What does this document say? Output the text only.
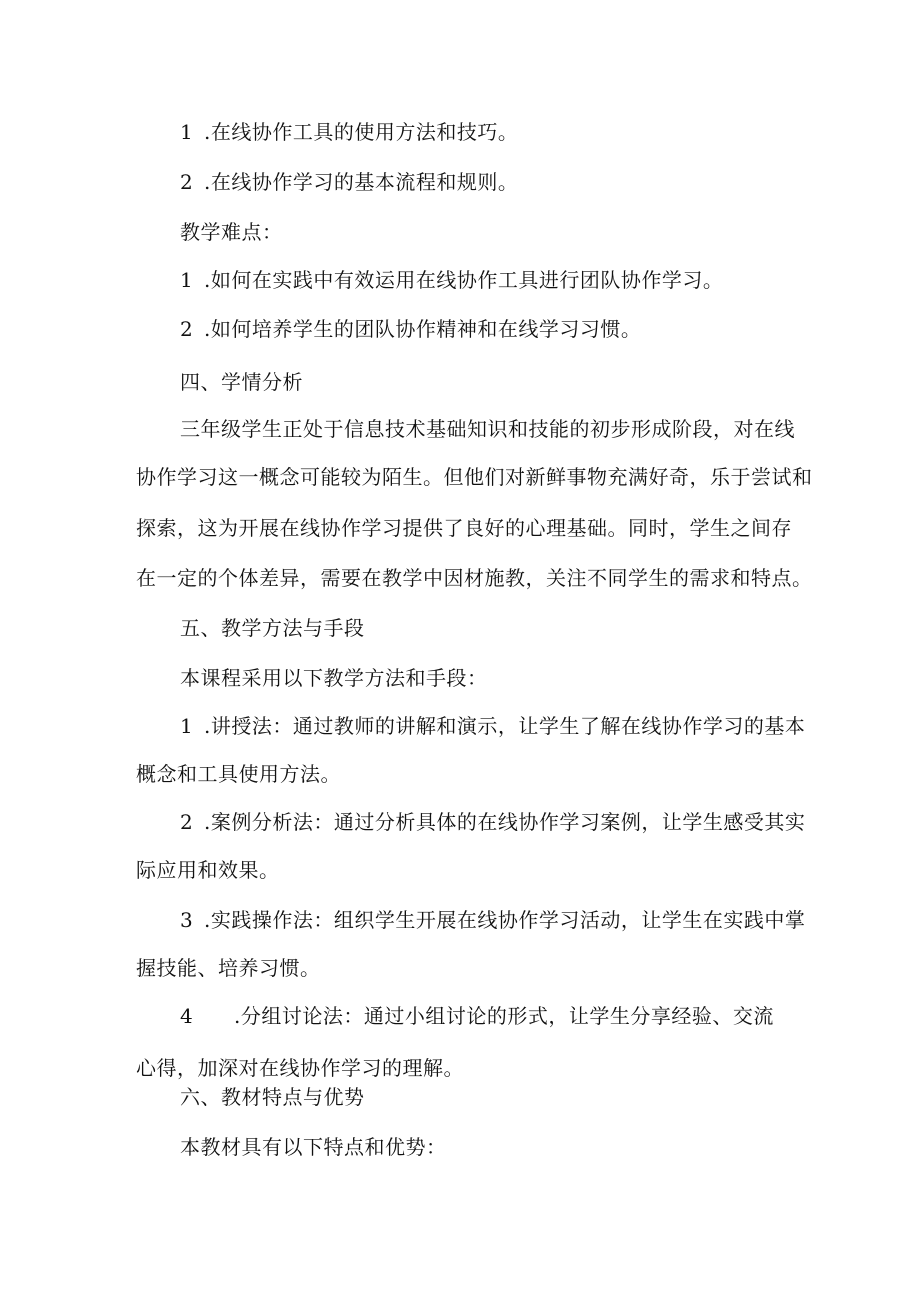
1 .在线协作工具的使用方法和技巧。

2 .在线协作学习的基本流程和规则。

教学难点：

1 .如何在实践中有效运用在线协作工具进行团队协作学习。

2 .如何培养学生的团队协作精神和在线学习习惯。

四、学情分析

三年级学生正处于信息技术基础知识和技能的初步形成阶段，对在线

协作学习这一概念可能较为陌生。但他们对新鲜事物充满好奇，乐于尝试和

探索，这为开展在线协作学习提供了良好的心理基础。同时，学生之间存

在一定的个体差异，需要在教学中因材施教，关注不同学生的需求和特点。

五、教学方法与手段

本课程采用以下教学方法和手段：

1 .讲授法：通过教师的讲解和演示，让学生了解在线协作学习的基本

概念和工具使用方法。

2 .案例分析法：通过分析具体的在线协作学习案例，让学生感受其实

际应用和效果。

3 .实践操作法：组织学生开展在线协作学习活动，让学生在实践中掌

握技能、培养习惯。

4 .分组讨论法：通过小组讨论的形式，让学生分享经验、交流

心得，加深对在线协作学习的理解。

六、教材特点与优势

本教材具有以下特点和优势：
